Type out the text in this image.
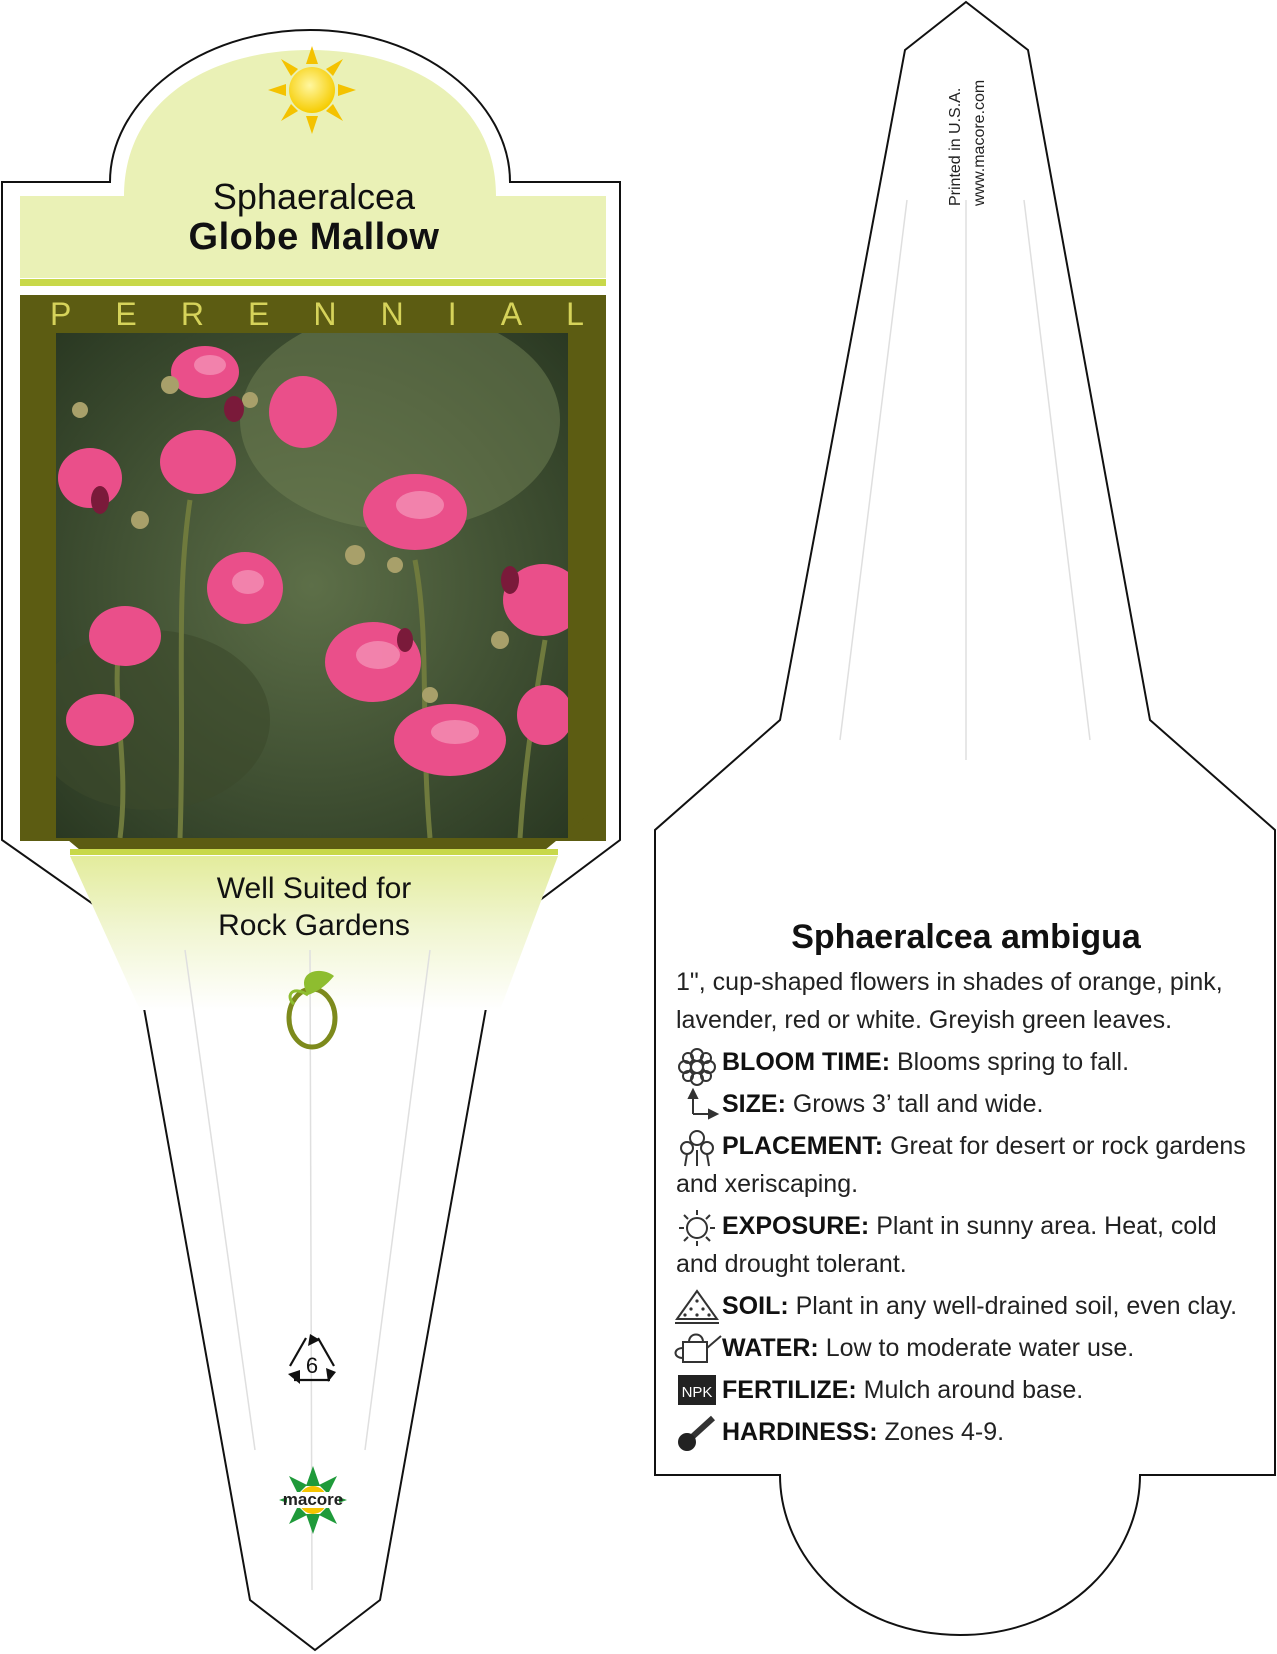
NPK
Sphaeralcea
Globe Mallow
P E R E N N I A L
Well Suited for
Rock Gardens
6
macore
Printed in U.S.A. www.macore.com
Sphaeralcea ambigua

1", cup-shaped flowers in shades of orange, pink, lavender, red or white. Greyish green leaves.

BLOOM TIME: Blooms spring to fall.

SIZE: Grows 3’ tall and wide.

PLACEMENT: Great for desert or rock gardens and xeriscaping.

EXPOSURE: Plant in sunny area. Heat, cold and drought tolerant.

SOIL: Plant in any well-drained soil, even clay.

WATER: Low to moderate water use.

FERTILIZE: Mulch around base.

HARDINESS: Zones 4-9.
